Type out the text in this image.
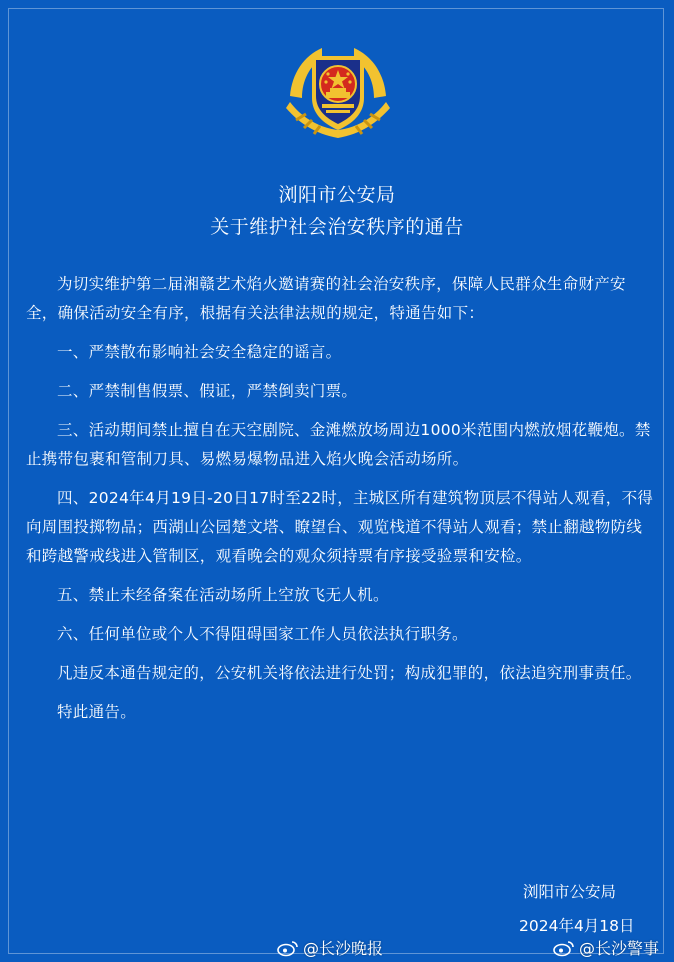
浏阳市公安局
关于维护社会治安秩序的通告

为切实维护第二届湘赣艺术焰火邀请赛的社会治安秩序，保障人民群众生命财产安全，确保活动安全有序，根据有关法律法规的规定，特通告如下：

一、严禁散布影响社会安全稳定的谣言。

二、严禁制售假票、假证，严禁倒卖门票。

三、活动期间禁止擅自在天空剧院、金滩燃放场周边1000米范围内燃放烟花鞭炮。禁止携带包裹和管制刀具、易燃易爆物品进入焰火晚会活动场所。

四、2024年4月19日-20日17时至22时，主城区所有建筑物顶层不得站人观看，不得向周围投掷物品；西湖山公园楚文塔、瞭望台、观览栈道不得站人观看；禁止翻越物防线和跨越警戒线进入管制区，观看晚会的观众须持票有序接受验票和安检。

五、禁止未经备案在活动场所上空放飞无人机。

六、任何单位或个人不得阻碍国家工作人员依法执行职务。

凡违反本通告规定的，公安机关将依法进行处罚；构成犯罪的，依法追究刑事责任。

特此通告。

浏阳市公安局
2024年4月18日
@长沙晚报	@长沙警事
